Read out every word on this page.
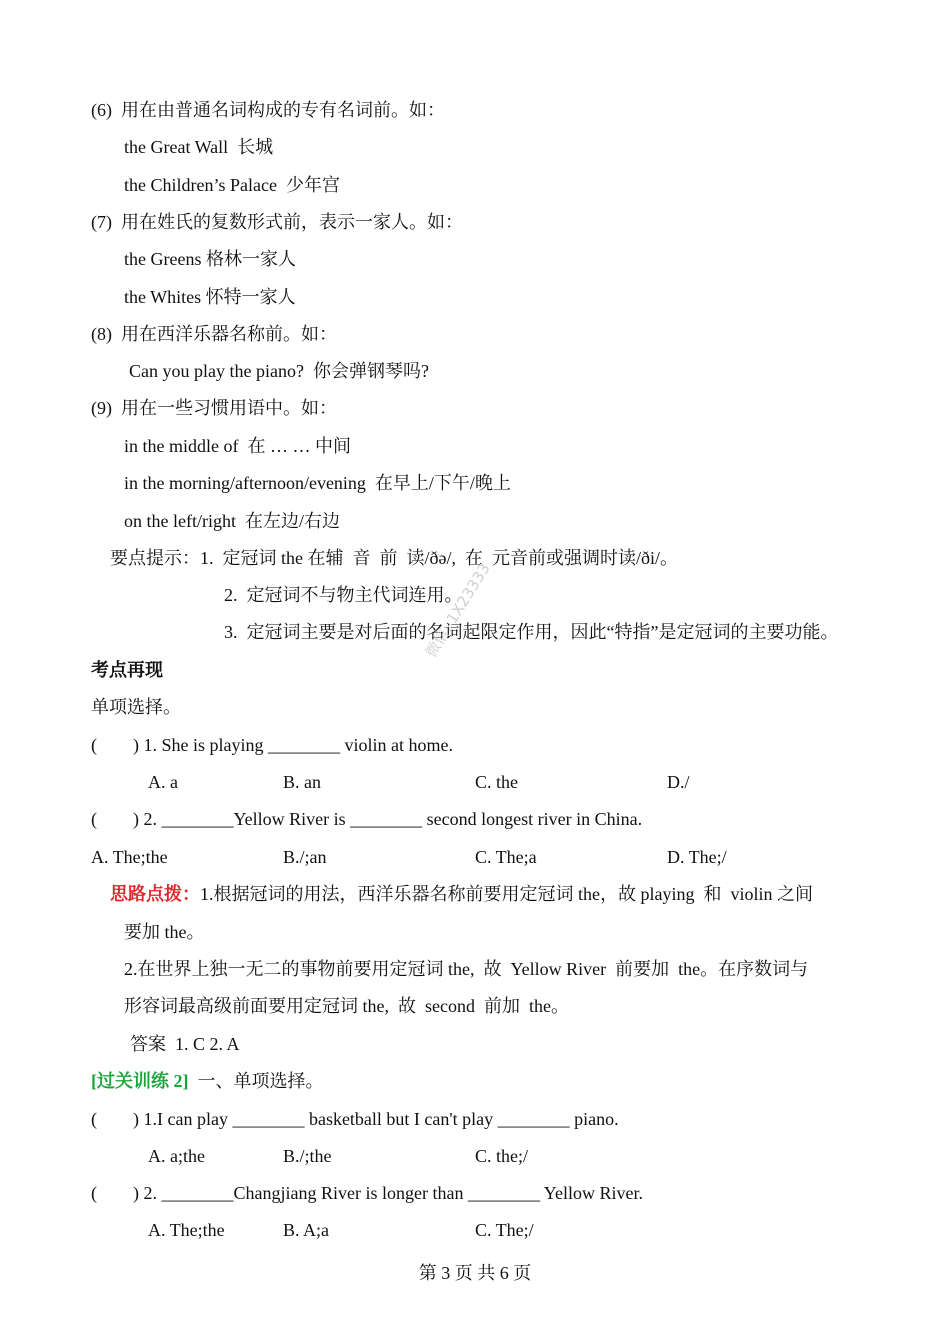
(6)  用在由普通名词构成的专有名词前。如：
the Great Wall  长城
the Children’s Palace  少年宫
(7)  用在姓氏的复数形式前，表示一家人。如：
the Greens 格林一家人
the Whites 怀特一家人
(8)  用在西洋乐器名称前。如：
Can you play the piano?  你会弹钢琴吗?
(9)  用在一些习惯用语中。如：
in the middle of  在 … … 中间
in the morning/afternoon/evening  在早上/下午/晚上
on the left/right  在左边/右边
要点提示：1.  定冠词 the 在辅  音  前  读/ðə/,  在  元音前或强调时读/ði/。
2.  定冠词不与物主代词连用。
3.  定冠词主要是对后面的名词起限定作用，因此“特指”是定冠词的主要功能。
考点再现
单项选择。
(        ) 1. She is playing ________ violin at home.
A. a	B. an	C. the	D./
(        ) 2. ________Yellow River is ________ second longest river in China.
A. The;the	B./;an	C. The;a	D. The;/
思路点拨：1.根据冠词的用法，西洋乐器名称前要用定冠词 the，故 playing  和  violin 之间
要加 the。
2.在世界上独一无二的事物前要用定冠词 the,  故  Yellow River  前要加  the。在序数词与
形容词最高级前面要用定冠词 the,  故  second  前加  the。
答案  1. C 2. A
[过关训练 2]  一、单项选择。
(        ) 1.I can play ________ basketball but I can't play ________ piano.
A. a;the	B./;the	C. the;/
(        ) 2. ________Changjiang River is longer than ________ Yellow River.
A. The;the	B. A;a	C. The;/
微信: 1X23333
第 3 页 共 6 页
